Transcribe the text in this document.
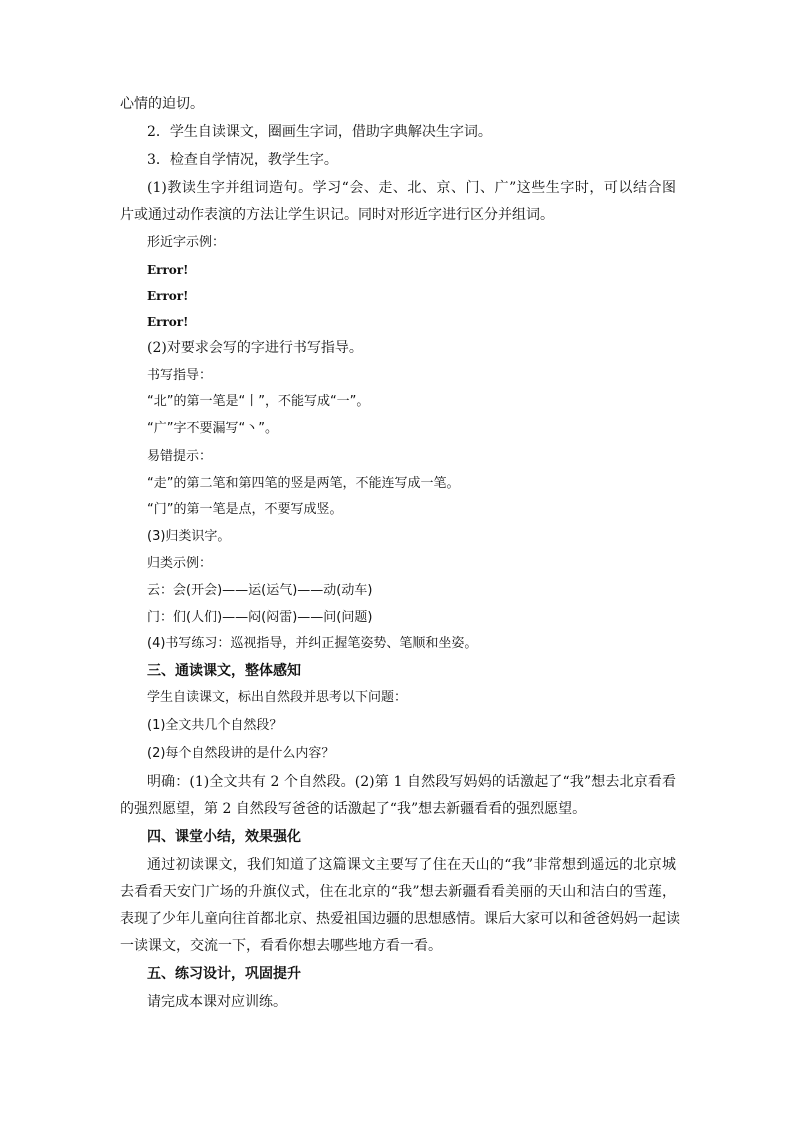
心情的迫切。
2．学生自读课文，圈画生字词，借助字典解决生字词。
3．检查自学情况，教学生字。
(1)教读生字并组词造句。学习“会、走、北、京、门、广”这些生字时，可以结合图
片或通过动作表演的方法让学生识记。同时对形近字进行区分并组词。
形近字示例：
Error!
Error!
Error!
(2)对要求会写的字进行书写指导。
书写指导：
“北”的第一笔是“丨”，不能写成“一”。
“广”字不要漏写“丶”。
易错提示：
“走”的第二笔和第四笔的竖是两笔，不能连写成一笔。
“门”的第一笔是点，不要写成竖。
(3)归类识字。
归类示例：
云：会(开会)——运(运气)——动(动车)
门：们(人们)——闷(闷雷)——问(问题)
(4)书写练习：巡视指导，并纠正握笔姿势、笔顺和坐姿。
三、通读课文，整体感知
学生自读课文，标出自然段并思考以下问题：
(1)全文共几个自然段？
(2)每个自然段讲的是什么内容？
明确：(1)全文共有 2 个自然段。(2)第 1 自然段写妈妈的话激起了“我”想去北京看看
的强烈愿望，第 2 自然段写爸爸的话激起了“我”想去新疆看看的强烈愿望。
四、课堂小结，效果强化
通过初读课文，我们知道了这篇课文主要写了住在天山的“我”非常想到遥远的北京城
去看看天安门广场的升旗仪式，住在北京的“我”想去新疆看看美丽的天山和洁白的雪莲，
表现了少年儿童向往首都北京、热爱祖国边疆的思想感情。课后大家可以和爸爸妈妈一起读
一读课文，交流一下，看看你想去哪些地方看一看。
五、练习设计，巩固提升
请完成本课对应训练。
